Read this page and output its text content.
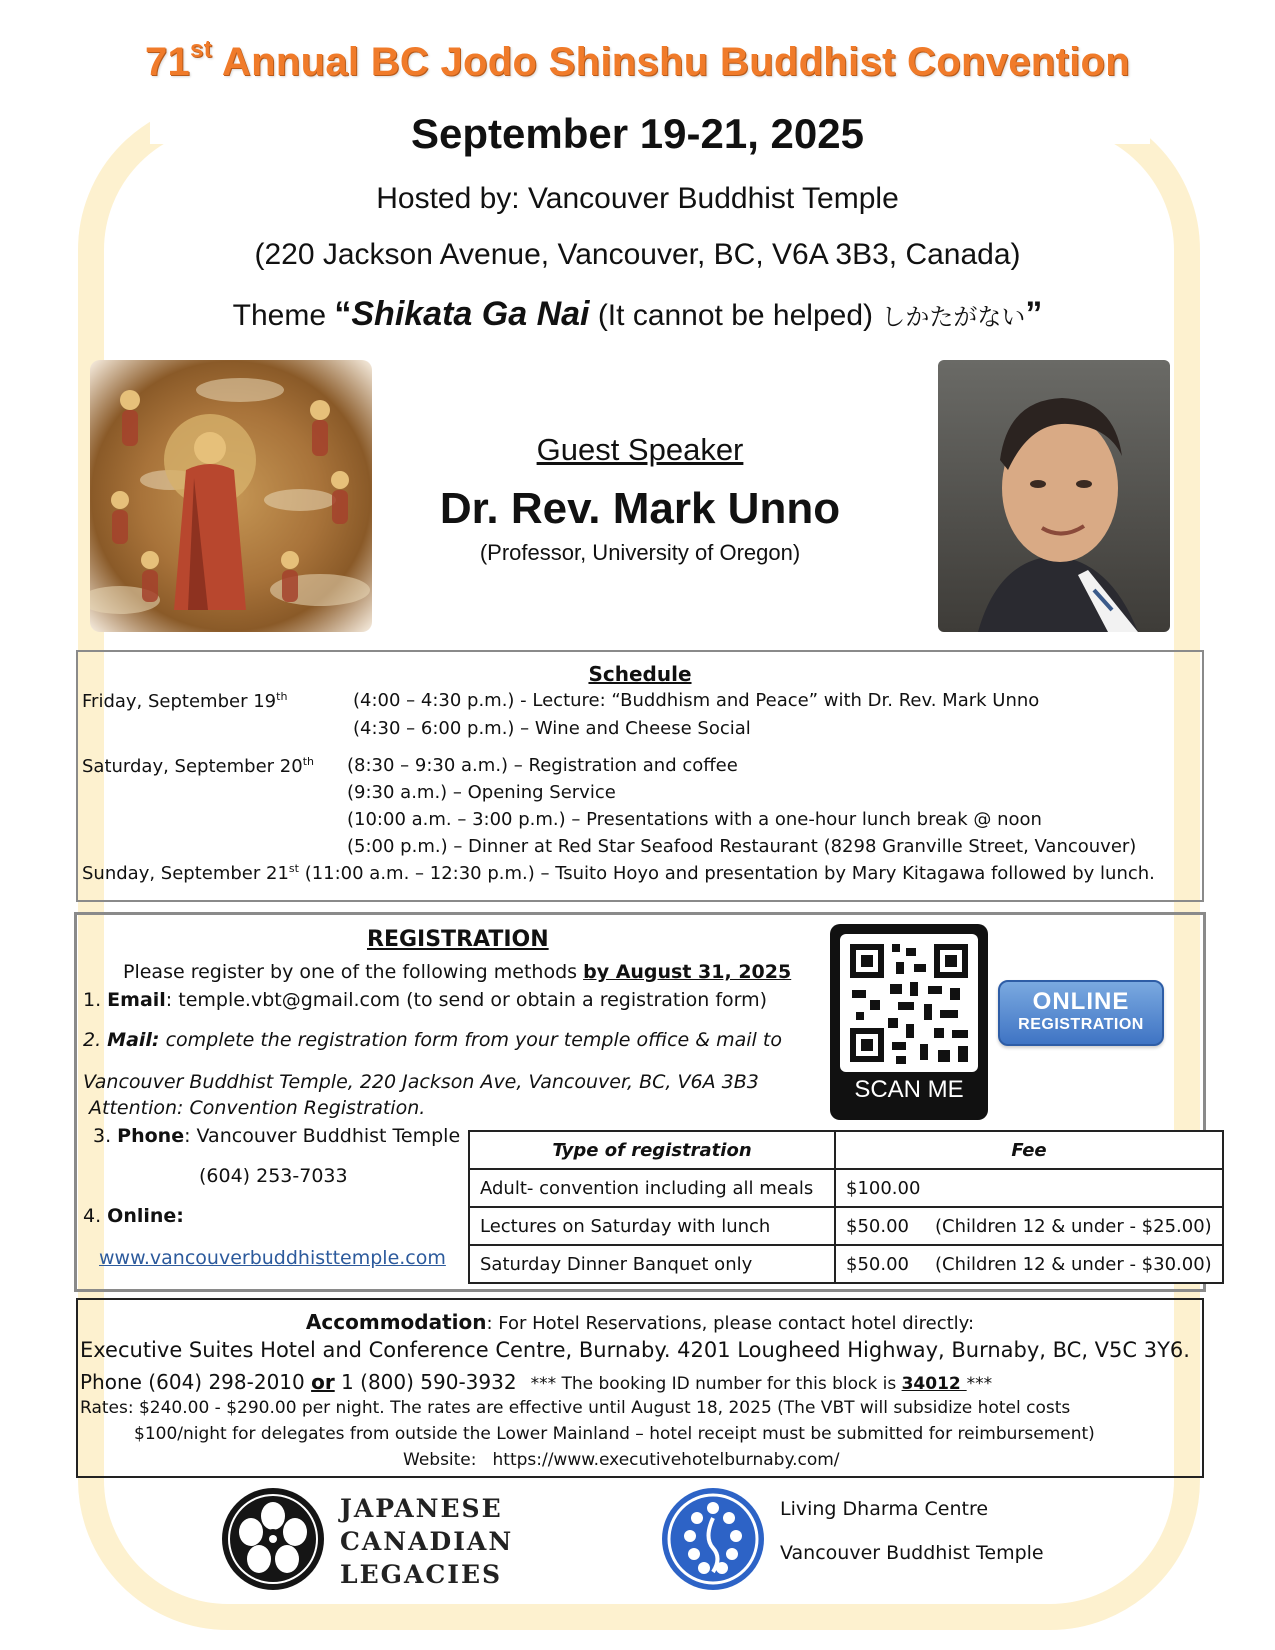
71st Annual BC Jodo Shinshu Buddhist Convention
September 19-21, 2025
Hosted by: Vancouver Buddhist Temple
(220 Jackson Avenue, Vancouver, BC, V6A 3B3, Canada)
Theme “Shikata Ga Nai (It cannot be helped) しかたがない”
Guest Speaker
Dr. Rev. Mark Unno
(Professor, University of Oregon)
Schedule
Friday, September 19th	(4:00 – 4:30 p.m.) - Lecture: “Buddhism and Peace” with Dr. Rev. Mark Unno
(4:30 – 6:00 p.m.) – Wine and Cheese Social
Saturday, September 20th (8:30 – 9:30 a.m.) – Registration and coffee
(9:30 a.m.) – Opening Service
(10:00 a.m. – 3:00 p.m.) – Presentations with a one-hour lunch break @ noon
(5:00 p.m.) – Dinner at Red Star Seafood Restaurant (8298 Granville Street, Vancouver)
Sunday, September 21st (11:00 a.m. – 12:30 p.m.) – Tsuito Hoyo and presentation by Mary Kitagawa followed by lunch.
REGISTRATION
Please register by one of the following methods by August 31, 2025
1. Email: temple.vbt@gmail.com (to send or obtain a registration form)
2. Mail: complete the registration form from your temple office & mail to
Vancouver Buddhist Temple, 220 Jackson Ave, Vancouver, BC, V6A 3B3
Attention: Convention Registration.
3. Phone: Vancouver Buddhist Temple
(604) 253-7033
4. Online:
www.vancouverbuddhisttemple.com
SCAN ME
ONLINE
REGISTRATION
Type of registration	Fee
Adult- convention including all meals	$100.00
Lectures on Saturday with lunch	$50.00 (Children 12 & under - $25.00)
Saturday Dinner Banquet only	$50.00 (Children 12 & under - $30.00)
Accommodation: For Hotel Reservations, please contact hotel directly:
Executive Suites Hotel and Conference Centre, Burnaby. 4201 Lougheed Highway, Burnaby, BC, V5C 3Y6.
Phone (604) 298-2010 or 1 (800) 590-3932 *** The booking ID number for this block is 34012 ***
Rates: $240.00 - $290.00 per night. The rates are effective until August 18, 2025 (The VBT will subsidize hotel costs
$100/night for delegates from outside the Lower Mainland – hotel receipt must be submitted for reimbursement)
Website: https://www.executivehotelburnaby.com/
JAPANESE
CANADIAN
LEGACIES
Living Dharma Centre
Vancouver Buddhist Temple
